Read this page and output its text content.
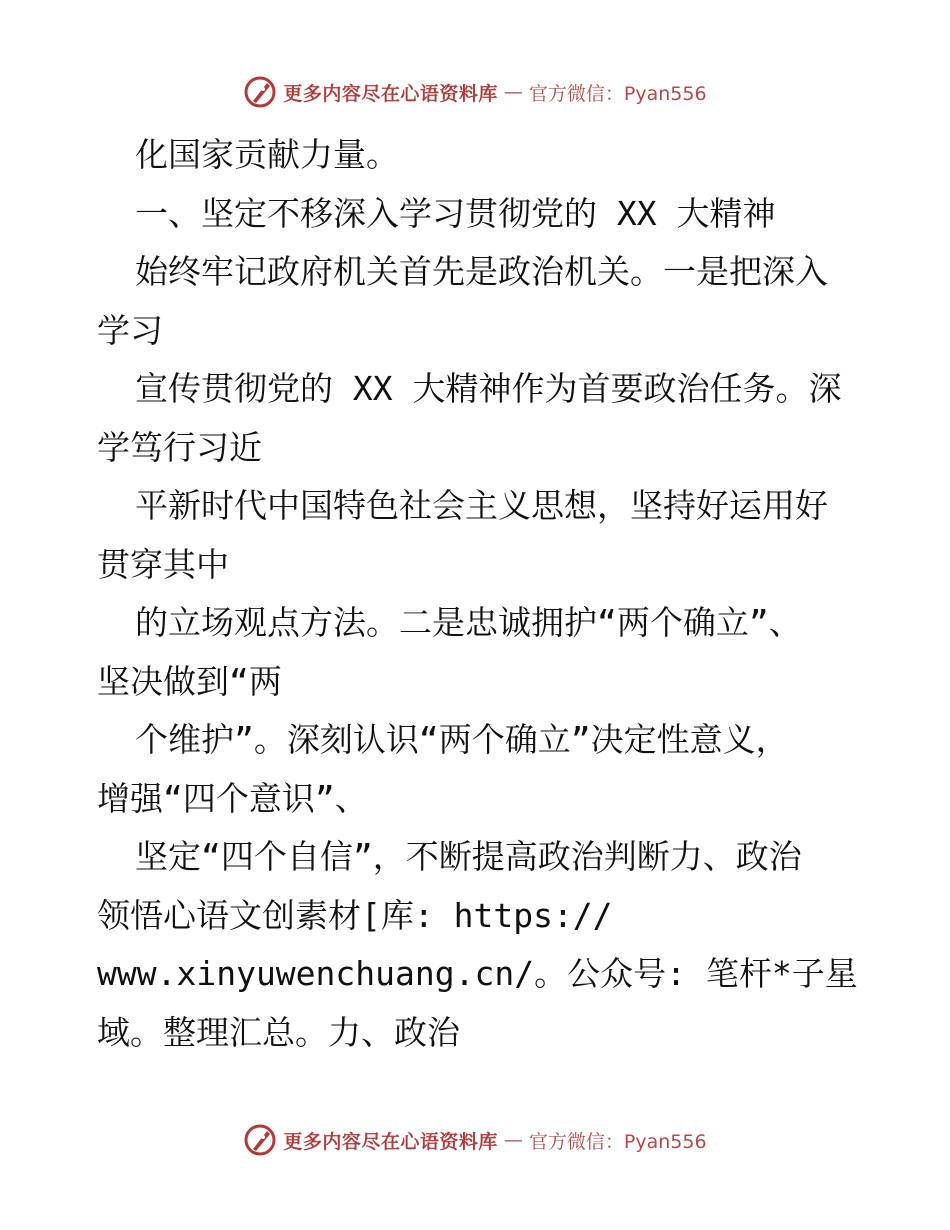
更多内容尽在心语资料库 — 官方微信：Pyan556
化国家贡献力量。
一、坚定不移深入学习贯彻党的 XX 大精神
始终牢记政府机关首先是政治机关。一是把深入
学习
宣传贯彻党的 XX 大精神作为首要政治任务。深
学笃行习近
平新时代中国特色社会主义思想，坚持好运用好
贯穿其中
的立场观点方法。二是忠诚拥护“两个确立”、
坚决做到“两
个维护”。深刻认识“两个确立”决定性意义，
增强“四个意识”、
坚定“四个自信”，不断提高政治判断力、政治
领悟心语文创素材[库: https://
www.xinyuwenchuang.cn/。公众号: 笔杆*子星
域。整理汇总。力、政治
更多内容尽在心语资料库 — 官方微信：Pyan556
